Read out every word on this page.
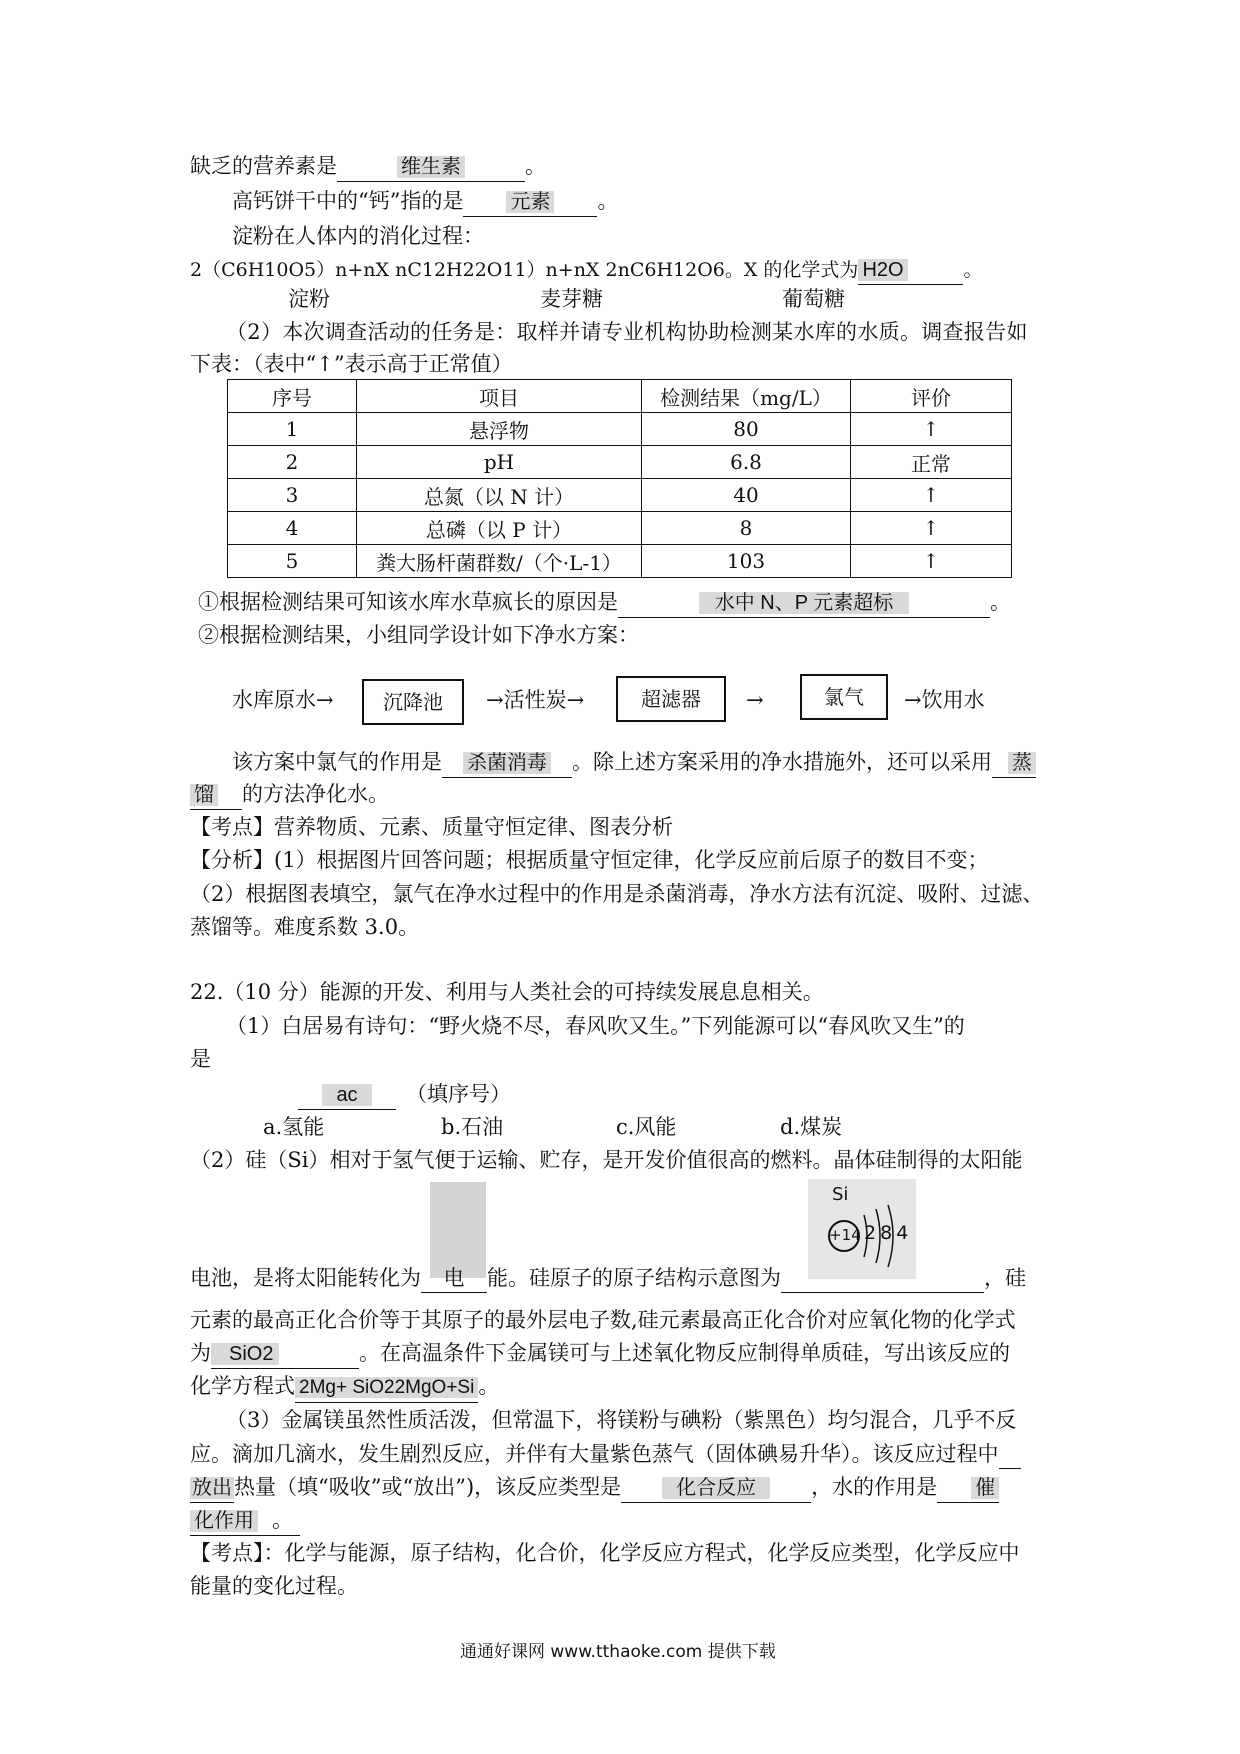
缺乏的营养素是	维生素	。
高钙饼干中的“钙”指的是 元素 。
淀粉在人体内的消化过程：
2（C6H10O5）n+nX nC12H22O11）n+nX 2nC6H12O6。X 的化学式为 H2O	。
淀粉	麦芽糖	葡萄糖
（2）本次调查活动的任务是：取样并请专业机构协助检测某水库的水质。调查报告如
下表：（表中“↑”表示高于正常值）
序号	项目	检测结果（mg/L）	评价
1	悬浮物	80	↑
2	pH	6.8	正常
3	总氮（以 N 计）	40	↑
4	总磷（以 P 计）	8	↑
5	粪大肠杆菌群数/（个·L-1）	103	↑
①根据检测结果可知该水库水草疯长的原因是	水中 N、P 元素超标	。
②根据检测结果，小组同学设计如下净水方案：
水库原水→	沉降池	→活性炭→	超滤器	→	氯气	→饮用水
该方案中氯气的作用是 杀菌消毒 。除上述方案采用的净水措施外，还可以采用 蒸
馏 的方法净化水。
【考点】营养物质、元素、质量守恒定律、图表分析
【分析】(1）根据图片回答问题；根据质量守恒定律，化学反应前后原子的数目不变；
（2）根据图表填空，氯气在净水过程中的作用是杀菌消毒，净水方法有沉淀、吸附、过滤、
蒸馏等。难度系数 3.0。
22.（10 分）能源的开发、利用与人类社会的可持续发展息息相关。
（1）白居易有诗句：“野火烧不尽，春风吹又生。”下列能源可以“春风吹又生”的
是
ac （填序号）
a.氢能	b.石油	c.风能	d.煤炭
（2）硅（Si）相对于氢气便于运输、贮存，是开发价值很高的燃料。晶体硅制得的太阳能
Si
+14 2 8 4
电池，是将太阳能转化为 电 能。硅原子的原子结构示意图为	，硅
元素的最高正化合价等于其原子的最外层电子数,硅元素最高正化合价对应氧化物的化学式
为 SiO2	。在高温条件下金属镁可与上述氧化物反应制得单质硅，写出该反应的
化学方程式 2Mg+ SiO22MgO+Si 。
（3）金属镁虽然性质活泼，但常温下，将镁粉与碘粉（紫黑色）均匀混合，几乎不反
应。滴加几滴水，发生剧烈反应，并伴有大量紫色蒸气（固体碘易升华）。该反应过程中
放出热量（填“吸收”或“放出”)，该反应类型是	化合反应	，水的作用是 催
化作用 。
【考点】：化学与能源，原子结构，化合价，化学反应方程式，化学反应类型，化学反应中
能量的变化过程。
通通好课网 www.tthaoke.com 提供下载
